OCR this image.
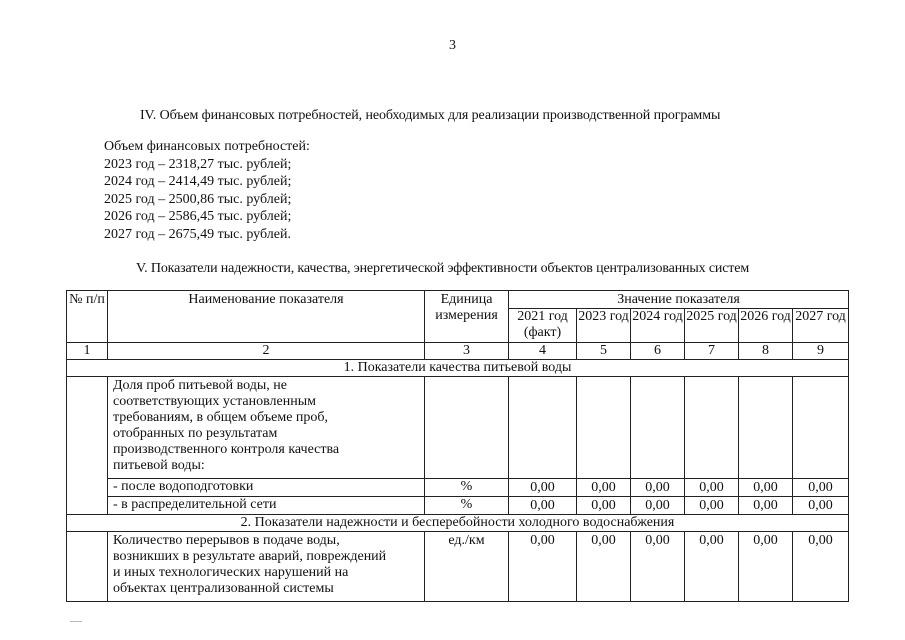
3
IV. Объем финансовых потребностей, необходимых для реализации производственной программы
Объем финансовых потребностей:
2023 год – 2318,27 тыс. рублей;
2024 год – 2414,49 тыс. рублей;
2025 год – 2500,86 тыс. рублей;
2026 год – 2586,45 тыс. рублей;
2027 год – 2675,49 тыс. рублей.
V. Показатели надежности, качества, энергетической эффективности объектов централизованных систем
№ п/п	Наименование показателя	Единица измерения	Значение показателя					
			2021 год (факт)	2023 год	2024 год	2025 год	2026 год	2027 год
1	2	3	4	5	6	7	8	9
1. Показатели качества питьевой воды								
	Доля проб питьевой воды, не соответствующих установленным требованиям, в общем объеме проб, отобранных по результатам производственного контроля качества питьевой воды:							
	- после водоподготовки	%	0,00	0,00	0,00	0,00	0,00	0,00
	- в распределительной сети	%	0,00	0,00	0,00	0,00	0,00	0,00
2. Показатели надежности и бесперебойности холодного водоснабжения								
	Количество перерывов в подаче воды, возникших в результате аварий, повреждений и иных технологических нарушений на объектах централизованной системы	ед./км	0,00	0,00	0,00	0,00	0,00	0,00
